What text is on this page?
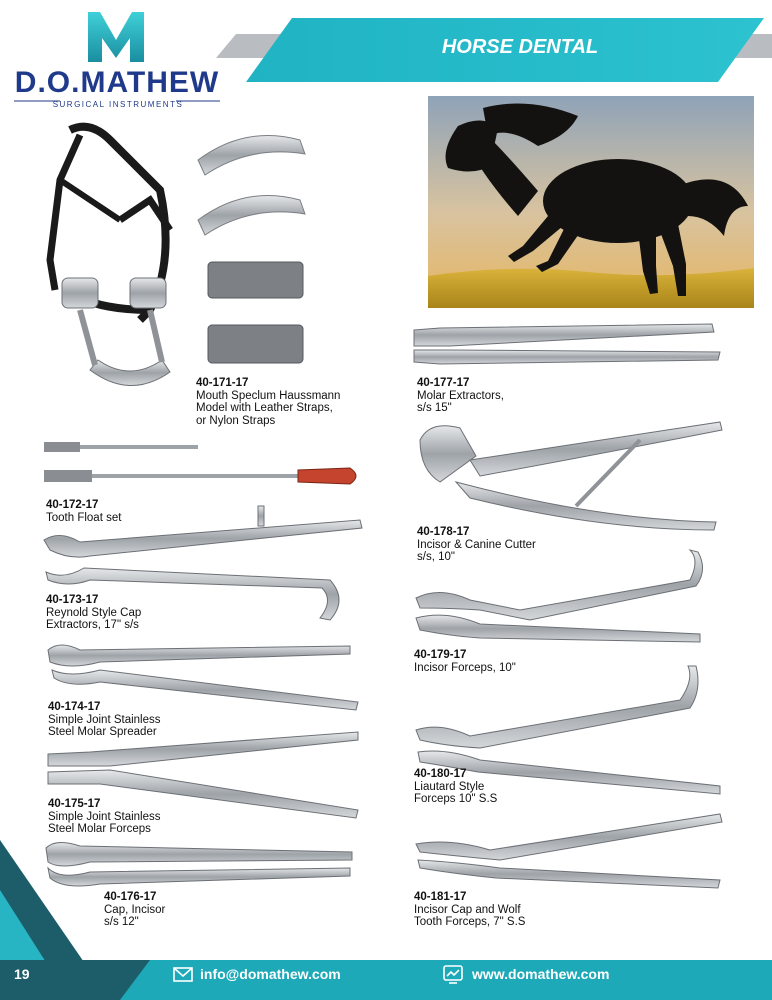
D.O.MATHEW
SURGICAL INSTRUMENTS
HORSE DENTAL
40-171-17
Mouth Speclum Haussmann
Model with Leather Straps,
or Nylon Straps
40-172-17
Tooth Float set
40-173-17
Reynold Style Cap
Extractors, 17" s/s
40-174-17
Simple Joint Stainless
Steel Molar Spreader
40-175-17
Simple Joint Stainless
Steel Molar Forceps
40-176-17
Cap, Incisor
s/s 12"
40-177-17
Molar Extractors,
s/s 15"
40-178-17
Incisor & Canine Cutter
s/s, 10"
40-179-17
Incisor Forceps, 10"
40-180-17
Liautard Style
Forceps 10" S.S
40-181-17
Incisor Cap and Wolf
Tooth Forceps, 7" S.S
19	info@domathew.com	www.domathew.com
